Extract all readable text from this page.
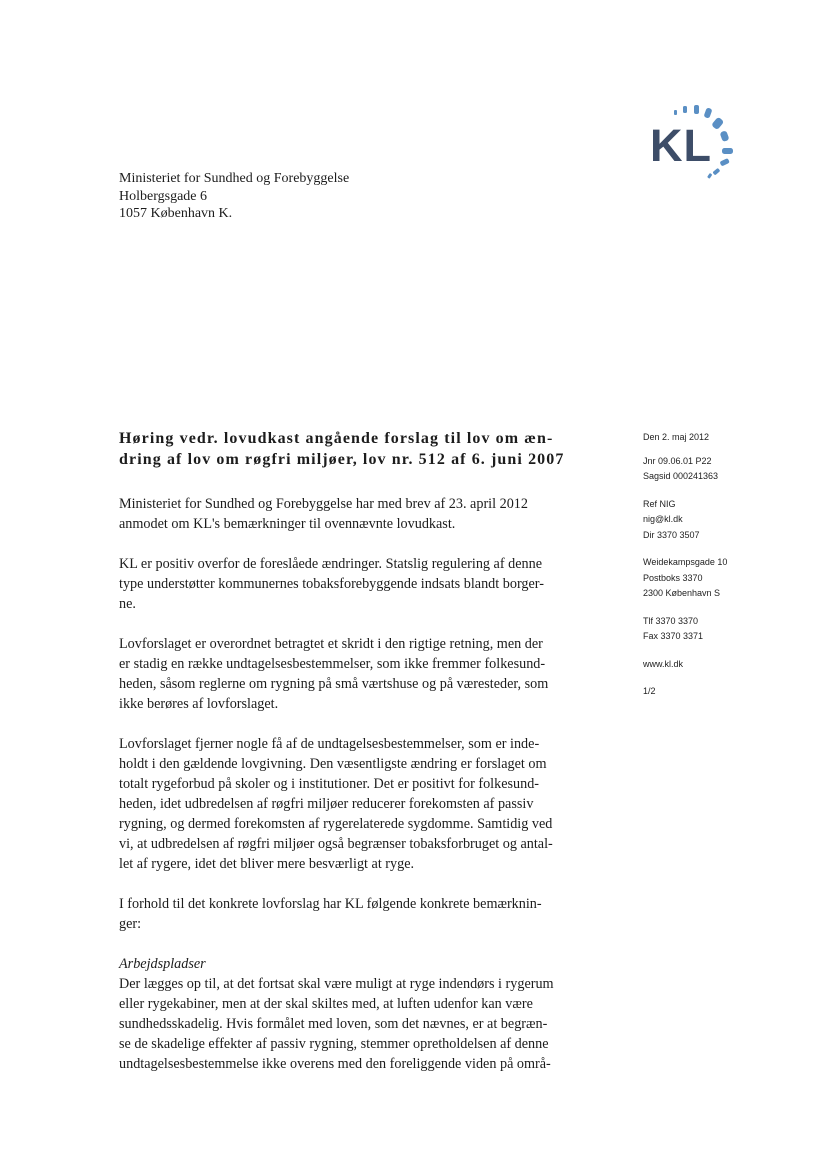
KL
Ministeriet for Sundhed og Forebyggelse
Holbergsgade 6
1057 København K.
Høring vedr. lovudkast angående forslag til lov om æn-
dring af lov om røgfri miljøer, lov nr. 512 af 6. juni 2007
Den 2. maj 2012
Jnr 09.06.01 P22
Sagsid 000241363
Ref NIG
nig@kl.dk
Dir 3370 3507
Weidekampsgade 10
Postboks 3370
2300 København S
Tlf 3370 3370
Fax 3370 3371
www.kl.dk
1/2
Ministeriet for Sundhed og Forebyggelse har med brev af 23. april 2012
anmodet om KL's bemærkninger til ovennævnte lovudkast.
KL er positiv overfor de foreslåede ændringer. Statslig regulering af denne
type understøtter kommunernes tobaksforebyggende indsats blandt borger-
ne.
Lovforslaget er overordnet betragtet et skridt i den rigtige retning, men der
er stadig en række undtagelsesbestemmelser, som ikke fremmer folkesund-
heden, såsom reglerne om rygning på små værtshuse og på væresteder, som
ikke berøres af lovforslaget.
Lovforslaget fjerner nogle få af de undtagelsesbestemmelser, som er inde-
holdt i den gældende lovgivning. Den væsentligste ændring er forslaget om
totalt rygeforbud på skoler og i institutioner. Det er positivt for folkesund-
heden, idet udbredelsen af røgfri miljøer reducerer forekomsten af passiv
rygning, og dermed forekomsten af rygerelaterede sygdomme. Samtidig ved
vi, at udbredelsen af røgfri miljøer også begrænser tobaksforbruget og antal-
let af rygere, idet det bliver mere besværligt at ryge.
I forhold til det konkrete lovforslag har KL følgende konkrete bemærknin-
ger:
Arbejdspladser
Der lægges op til, at det fortsat skal være muligt at ryge indendørs i rygerum
eller rygekabiner, men at der skal skiltes med, at luften udenfor kan være
sundhedsskadelig. Hvis formålet med loven, som det nævnes, er at begræn-
se de skadelige effekter af passiv rygning, stemmer opretholdelsen af denne
undtagelsesbestemmelse ikke overens med den foreliggende viden på områ-
